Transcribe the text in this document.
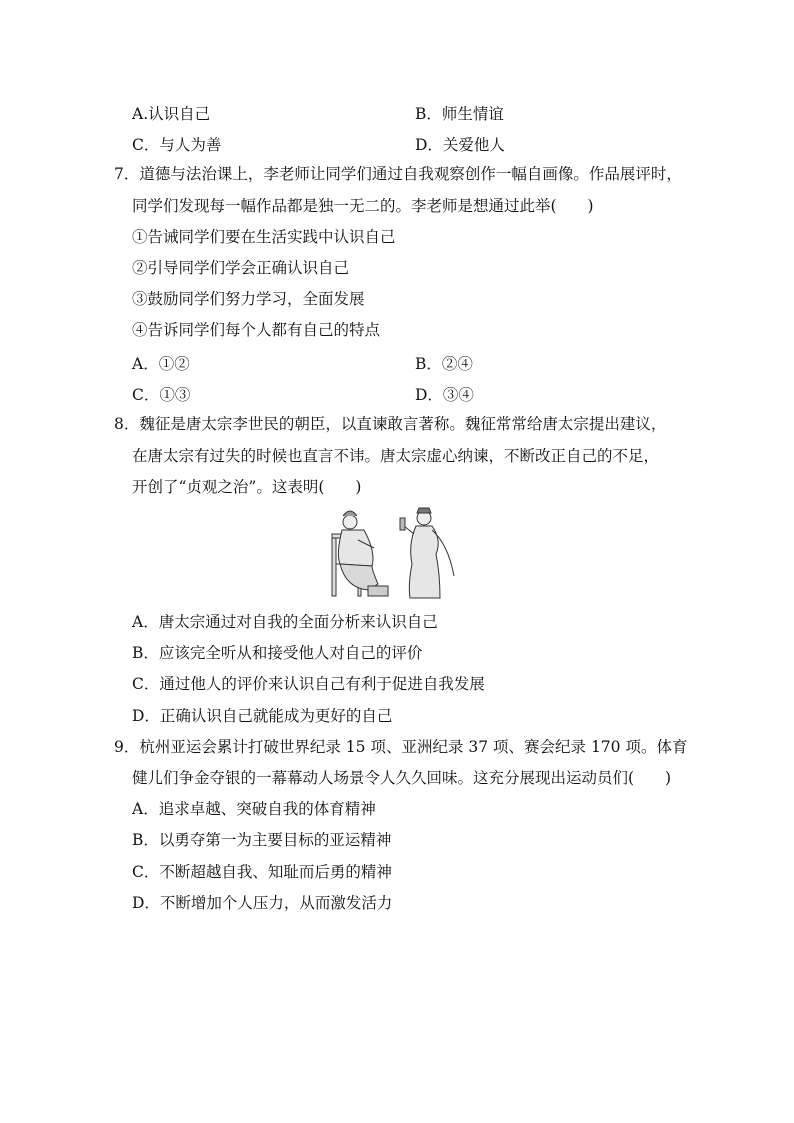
A.认识自己	B．师生情谊
C．与人为善	D．关爱他人
7．道德与法治课上，李老师让同学们通过自我观察创作一幅自画像。作品展评时，
同学们发现每一幅作品都是独一无二的。李老师是想通过此举(　　)
①告诫同学们要在生活实践中认识自己
②引导同学们学会正确认识自己
③鼓励同学们努力学习，全面发展
④告诉同学们每个人都有自己的特点
A．①②	B．②④
C．①③	D．③④
8．魏征是唐太宗李世民的朝臣，以直谏敢言著称。魏征常常给唐太宗提出建议，
在唐太宗有过失的时候也直言不讳。唐太宗虚心纳谏，不断改正自己的不足，
开创了“贞观之治”。这表明(　　)
A．唐太宗通过对自我的全面分析来认识自己
B．应该完全听从和接受他人对自己的评价
C．通过他人的评价来认识自己有利于促进自我发展
D．正确认识自己就能成为更好的自己
9．杭州亚运会累计打破世界纪录 15 项、亚洲纪录 37 项、赛会纪录 170 项。体育
健儿们争金夺银的一幕幕动人场景令人久久回味。这充分展现出运动员们(　　)
A．追求卓越、突破自我的体育精神
B．以勇夺第一为主要目标的亚运精神
C．不断超越自我、知耻而后勇的精神
D．不断增加个人压力，从而激发活力
